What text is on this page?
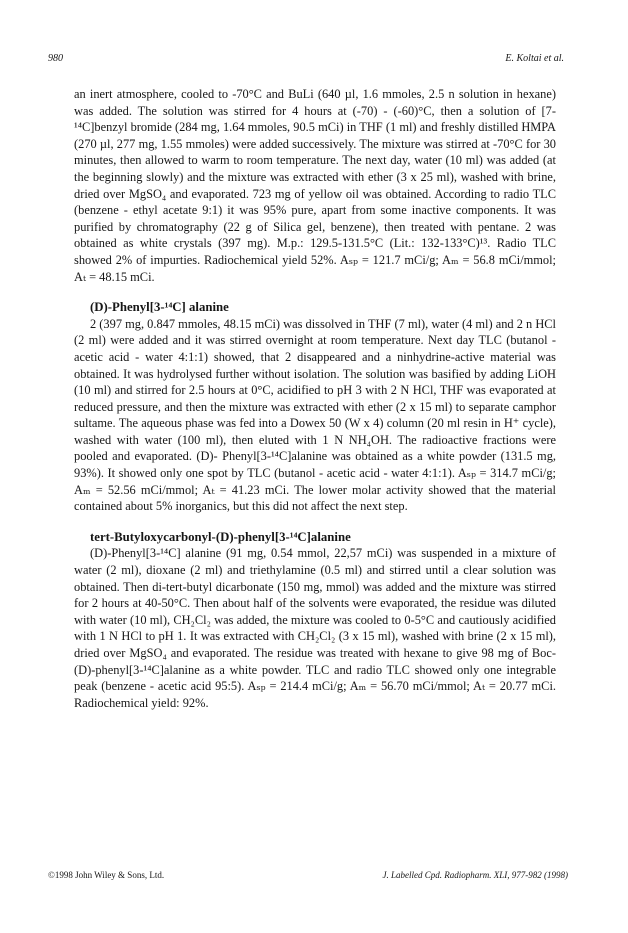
980	E. Koltai et al.

an inert atmosphere, cooled to -70°C and BuLi (640 µl, 1.6 mmoles, 2.5 n solution in hexane) was added. The solution was stirred for 4 hours at (-70) - (-60)°C, then a solution of [7-¹⁴C]benzyl bromide (284 mg, 1.64 mmoles, 90.5 mCi) in THF (1 ml) and freshly distilled HMPA (270 µl, 277 mg, 1.55 mmoles) were added successively. The mixture was stirred at -70°C for 30 minutes, then allowed to warm to room temperature. The next day, water (10 ml) was added (at the beginning slowly) and the mixture was extracted with ether (3 x 25 ml), washed with brine, dried over MgSO₄ and evaporated. 723 mg of yellow oil was obtained. According to radio TLC (benzene - ethyl acetate 9:1) it was 95% pure, apart from some inactive components. It was purified by chromatography (22 g of Silica gel, benzene), then treated with pentane. 2 was obtained as white crystals (397 mg). M.p.: 129.5-131.5°C (Lit.: 132-133°C)¹³. Radio TLC showed 2% of impurties. Radiochemical yield 52%. Aₛₚ = 121.7 mCi/g; Aₘ = 56.8 mCi/mmol; Aₜ = 48.15 mCi.

(D)-Phenyl[3-¹⁴C] alanine

2 (397 mg, 0.847 mmoles, 48.15 mCi) was dissolved in THF (7 ml), water (4 ml) and 2 n HCl (2 ml) were added and it was stirred overnight at room temperature. Next day TLC (butanol - acetic acid - water 4:1:1) showed, that 2 disappeared and a ninhydrine-active material was obtained. It was hydrolysed further without isolation. The solution was basified by adding LiOH (10 ml) and stirred for 2.5 hours at 0°C, acidified to pH 3 with 2 N HCl, THF was evaporated at reduced pressure, and then the mixture was extracted with ether (2 x 15 ml) to separate camphor sultame. The aqueous phase was fed into a Dowex 50 (W x 4) column (20 ml resin in H⁺ cycle), washed with water (100 ml), then eluted with 1 N NH₄OH. The radioactive fractions were pooled and evaporated. (D)- Phenyl[3-¹⁴C]alanine was obtained as a white powder (131.5 mg, 93%). It showed only one spot by TLC (butanol - acetic acid - water 4:1:1). Aₛₚ = 314.7 mCi/g; Aₘ = 52.56 mCi/mmol; Aₜ = 41.23 mCi. The lower molar activity showed that the material contained about 5% inorganics, but this did not affect the next step.

tert-Butyloxycarbonyl-(D)-phenyl[3-¹⁴C]alanine

(D)-Phenyl[3-¹⁴C] alanine (91 mg, 0.54 mmol, 22,57 mCi) was suspended in a mixture of water (2 ml), dioxane (2 ml) and triethylamine (0.5 ml) and stirred until a clear solution was obtained. Then di-tert-butyl dicarbonate (150 mg, mmol) was added and the mixture was stirred for 2 hours at 40-50°C. Then about half of the solvents were evaporated, the residue was diluted with water (10 ml), CH₂Cl₂ was added, the mixture was cooled to 0-5°C and cautiously acidified with 1 N HCl to pH 1. It was extracted with CH₂Cl₂ (3 x 15 ml), washed with brine (2 x 15 ml), dried over MgSO₄ and evaporated. The residue was treated with hexane to give 98 mg of Boc-(D)-phenyl[3-¹⁴C]alanine as a white powder. TLC and radio TLC showed only one integrable peak (benzene - acetic acid 95:5). Aₛₚ = 214.4 mCi/g; Aₘ = 56.70 mCi/mmol; Aₜ = 20.77 mCi. Radiochemical yield: 92%.

©1998 John Wiley & Sons, Ltd.	J. Labelled Cpd. Radiopharm. XLI, 977-982 (1998)
